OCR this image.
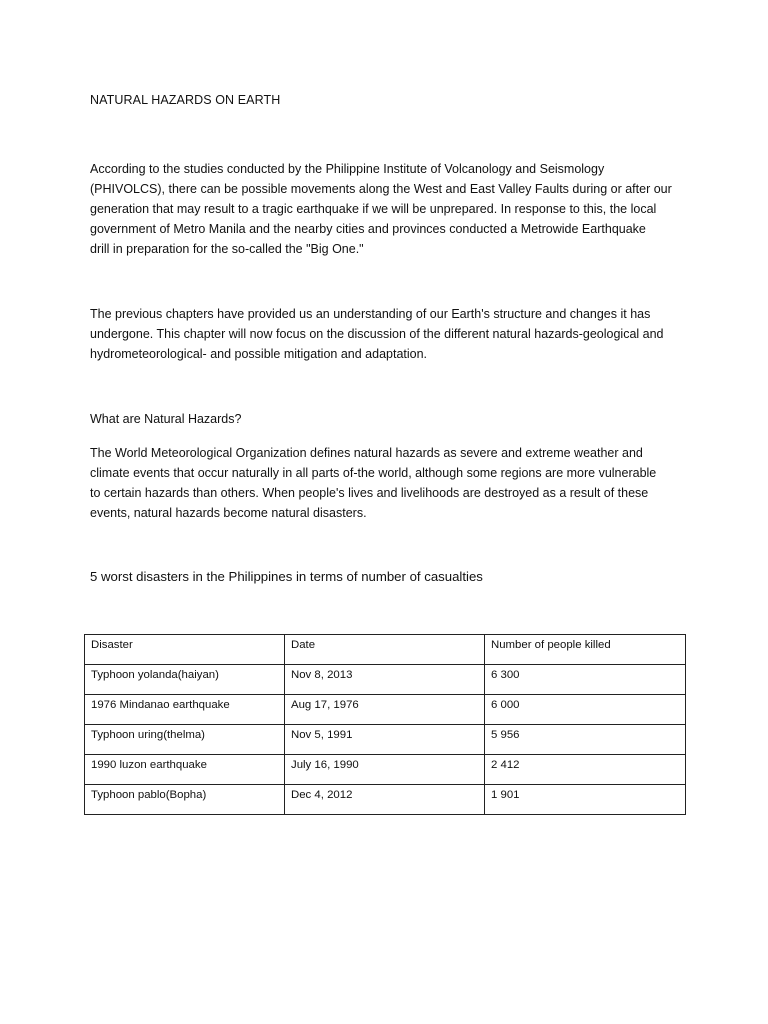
NATURAL HAZARDS ON EARTH
According to the studies conducted by the Philippine Institute of Volcanology and Seismology
(PHIVOLCS), there can be possible movements along the West and East Valley Faults during or after our
generation that may result to a tragic earthquake if we will be unprepared. In response to this, the local
government of Metro Manila and the nearby cities and provinces conducted a Metrowide Earthquake
drill in preparation for the so-called the "Big One."
The previous chapters have provided us an understanding of our Earth's structure and changes it has
undergone. This chapter will now focus on the discussion of the different natural hazards-geological and
hydrometeorological- and possible mitigation and adaptation.
What are Natural Hazards?
The World Meteorological Organization defines natural hazards as severe and extreme weather and
climate events that occur naturally in all parts of-the world, although some regions are more vulnerable
to certain hazards than others. When people's lives and livelihoods are destroyed as a result of these
events, natural hazards become natural disasters.
5 worst disasters in the Philippines in terms of number of casualties
Disaster	Date	Number of people killed
Typhoon yolanda(haiyan)	Nov 8, 2013	6 300
1976 Mindanao earthquake	Aug 17, 1976	6 000
Typhoon uring(thelma)	Nov 5, 1991	5 956
1990 luzon earthquake	July 16, 1990	2 412
Typhoon pablo(Bopha)	Dec 4, 2012	1 901
